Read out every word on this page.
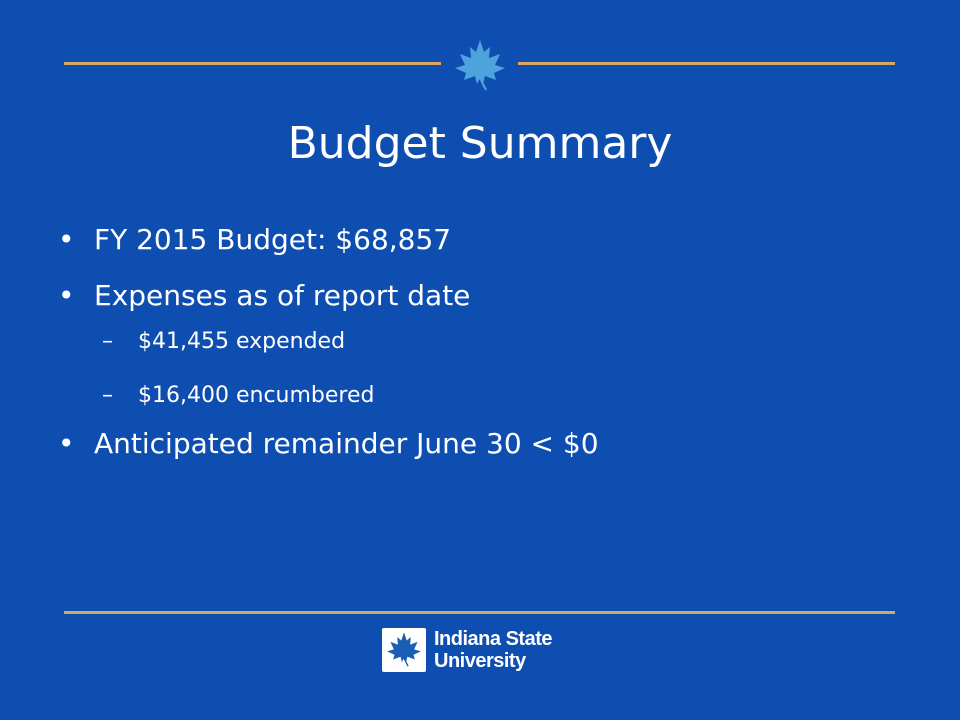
Budget Summary
• FY 2015 Budget: $68,857
• Expenses as of report date
– $41,455 expended
– $16,400 encumbered
• Anticipated remainder June 30 < $0
Indiana State
University
